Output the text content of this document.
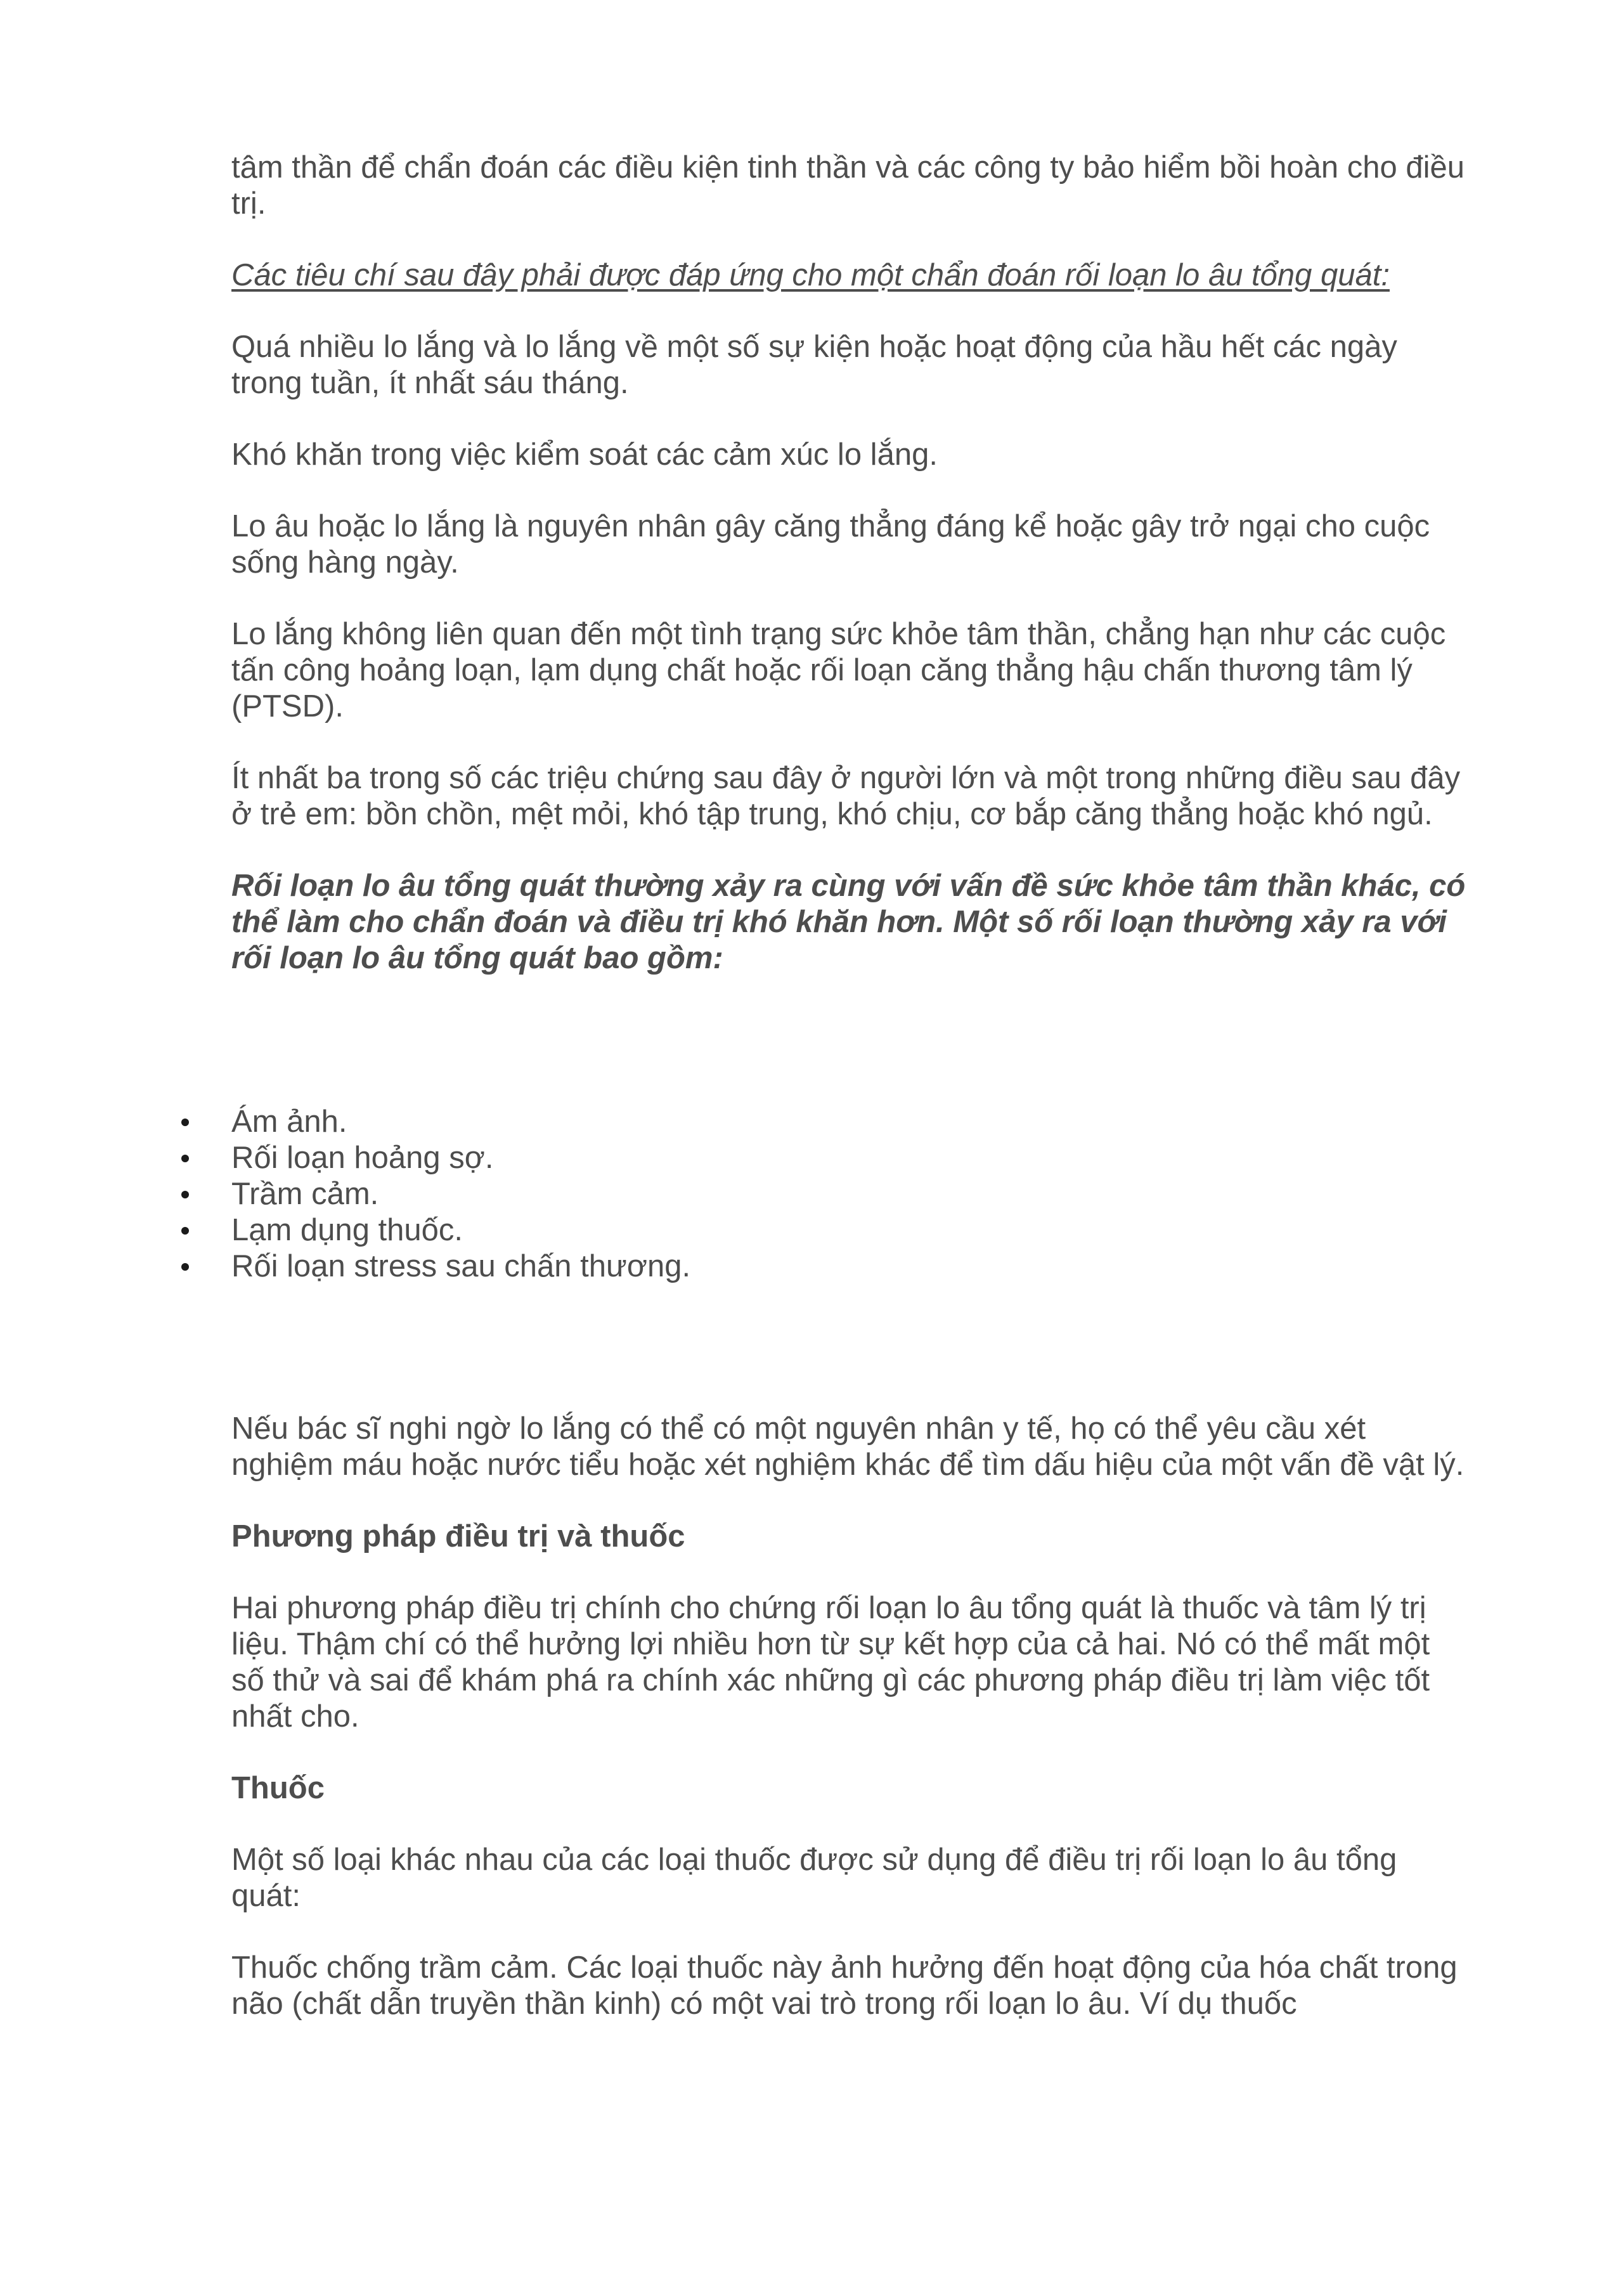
tâm thần để chẩn đoán các điều kiện tinh thần và các công ty bảo hiểm bồi hoàn cho điều trị.

Các tiêu chí sau đây phải được đáp ứng cho một chẩn đoán rối loạn lo âu tổng quát:

Quá nhiều lo lắng và lo lắng về một số sự kiện hoặc hoạt động của hầu hết các ngày trong tuần, ít nhất sáu tháng.

Khó khăn trong việc kiểm soát các cảm xúc lo lắng.

Lo âu hoặc lo lắng là nguyên nhân gây căng thẳng đáng kể hoặc gây trở ngại cho cuộc sống hàng ngày.

Lo lắng không liên quan đến một tình trạng sức khỏe tâm thần, chẳng hạn như các cuộc tấn công hoảng loạn, lạm dụng chất hoặc rối loạn căng thẳng hậu chấn thương tâm lý (PTSD).

Ít nhất ba trong số các triệu chứng sau đây ở người lớn và một trong những điều sau đây ở trẻ em: bồn chồn, mệt mỏi, khó tập trung, khó chịu, cơ bắp căng thẳng hoặc khó ngủ.

Rối loạn lo âu tổng quát thường xảy ra cùng với vấn đề sức khỏe tâm thần khác, có thể làm cho chẩn đoán và điều trị khó khăn hơn. Một số rối loạn thường xảy ra với rối loạn lo âu tổng quát bao gồm:

Ám ảnh.
Rối loạn hoảng sợ.
Trầm cảm.
Lạm dụng thuốc.
Rối loạn stress sau chấn thương.

Nếu bác sĩ nghi ngờ lo lắng có thể có một nguyên nhân y tế, họ có thể yêu cầu xét nghiệm máu hoặc nước tiểu hoặc xét nghiệm khác để tìm dấu hiệu của một vấn đề vật lý.

Phương pháp điều trị và thuốc

Hai phương pháp điều trị chính cho chứng rối loạn lo âu tổng quát là thuốc và tâm lý trị liệu. Thậm chí có thể hưởng lợi nhiều hơn từ sự kết hợp của cả hai. Nó có thể mất một số thử và sai để khám phá ra chính xác những gì các phương pháp điều trị làm việc tốt nhất cho.

Thuốc

Một số loại khác nhau của các loại thuốc được sử dụng để điều trị rối loạn lo âu tổng quát:

Thuốc chống trầm cảm. Các loại thuốc này ảnh hưởng đến hoạt động của hóa chất trong não (chất dẫn truyền thần kinh) có một vai trò trong rối loạn lo âu. Ví dụ thuốc
